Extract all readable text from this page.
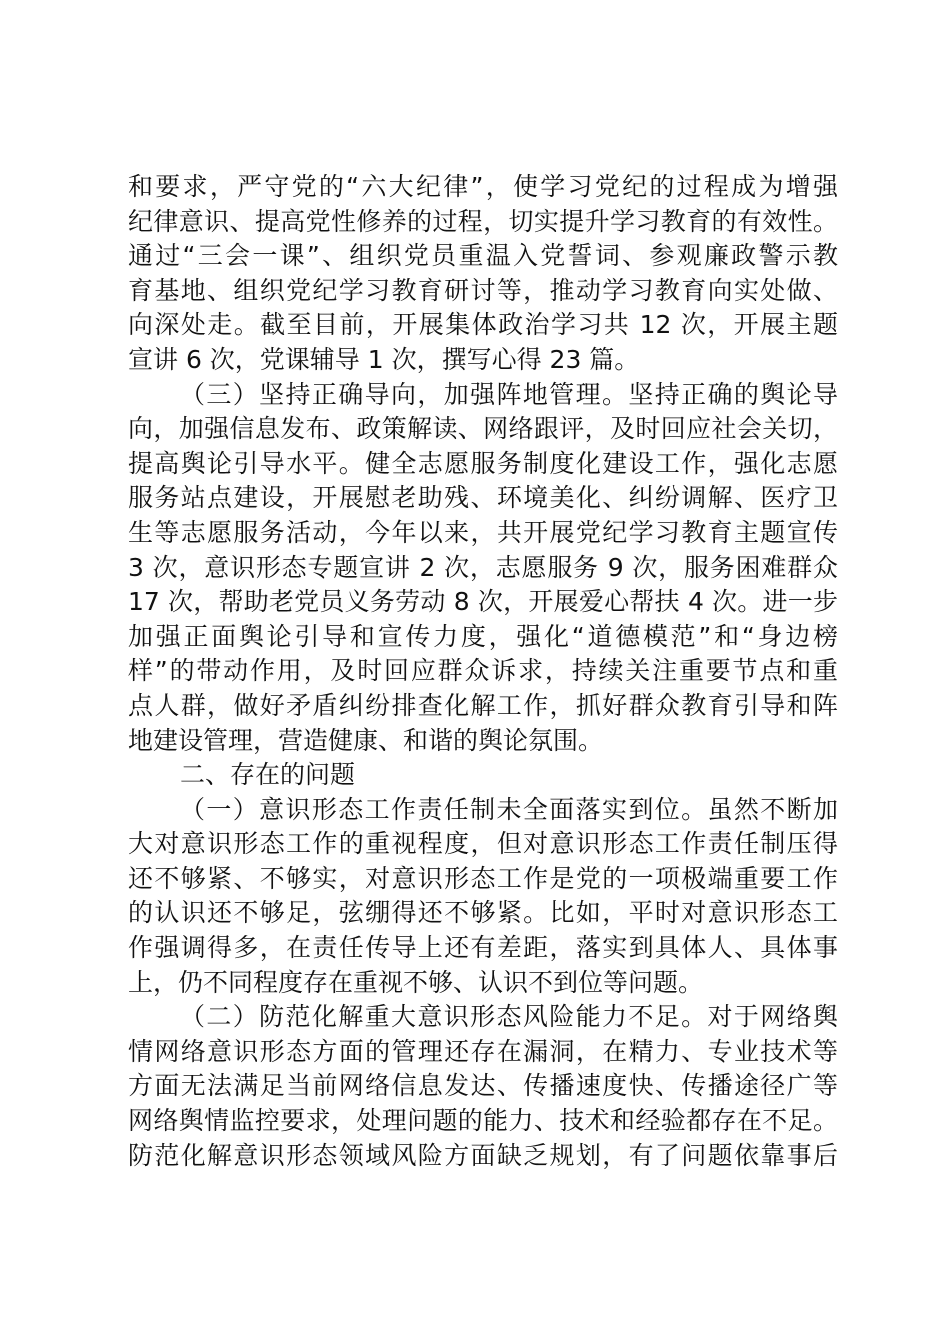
和要求，严守党的“六大纪律”，使学习党纪的过程成为增强
纪律意识、提高党性修养的过程，切实提升学习教育的有效性。
通过“三会一课”、组织党员重温入党誓词、参观廉政警示教
育基地、组织党纪学习教育研讨等，推动学习教育向实处做、
向深处走。截至目前，开展集体政治学习共 12 次，开展主题
宣讲 6 次，党课辅导 1 次，撰写心得 23 篇。
（三）坚持正确导向，加强阵地管理。坚持正确的舆论导
向，加强信息发布、政策解读、网络跟评，及时回应社会关切，
提高舆论引导水平。健全志愿服务制度化建设工作，强化志愿
服务站点建设，开展慰老助残、环境美化、纠纷调解、医疗卫
生等志愿服务活动，今年以来，共开展党纪学习教育主题宣传
3 次，意识形态专题宣讲 2 次，志愿服务 9 次，服务困难群众
17 次，帮助老党员义务劳动 8 次，开展爱心帮扶 4 次。进一步
加强正面舆论引导和宣传力度，强化“道德模范”和“身边榜
样”的带动作用，及时回应群众诉求，持续关注重要节点和重
点人群，做好矛盾纠纷排查化解工作，抓好群众教育引导和阵
地建设管理，营造健康、和谐的舆论氛围。
二、存在的问题
（一）意识形态工作责任制未全面落实到位。虽然不断加
大对意识形态工作的重视程度，但对意识形态工作责任制压得
还不够紧、不够实，对意识形态工作是党的一项极端重要工作
的认识还不够足，弦绷得还不够紧。比如，平时对意识形态工
作强调得多，在责任传导上还有差距，落实到具体人、具体事
上，仍不同程度存在重视不够、认识不到位等问题。
（二）防范化解重大意识形态风险能力不足。对于网络舆
情网络意识形态方面的管理还存在漏洞，在精力、专业技术等
方面无法满足当前网络信息发达、传播速度快、传播途径广等
网络舆情监控要求，处理问题的能力、技术和经验都存在不足。
防范化解意识形态领域风险方面缺乏规划，有了问题依靠事后
